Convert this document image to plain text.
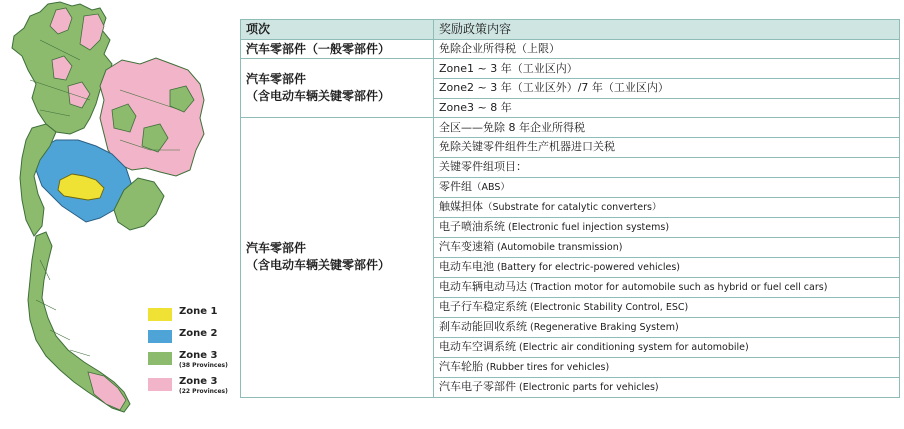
Zone 1
Zone 2
Zone 3
(38 Provinces)
Zone 3
(22 Provinces)
项次	奖励政策内容
汽车零部件（一般零部件）	免除企业所得税（上限）

汽车零部件
（含电动车辆关键零部件）	Zone1 ~ 3 年（工业区内）
	Zone2 ~ 3 年（工业区外）/7 年（工业区内）
	Zone3 ~ 8 年

汽车零部件
（含电动车辆关键零部件）	全区——免除 8 年企业所得税
	免除关键零件组件生产机器进口关税
	关键零件组项目：
	零件组（ABS）
	触媒担体（Substrate for catalytic converters）
	电子喷油系统 (Electronic fuel injection systems)
	汽车变速箱 (Automobile transmission)
	电动车电池 (Battery for electric-powered vehicles)
	电动车辆电动马达 (Traction motor for automobile such as hybrid or fuel cell cars)
	电子行车稳定系统 (Electronic Stability Control, ESC)
	刹车动能回收系统 (Regenerative Braking System)
	电动车空调系统 (Electric air conditioning system for automobile)
	汽车轮胎 (Rubber tires for vehicles)
	汽车电子零部件 (Electronic parts for vehicles)
